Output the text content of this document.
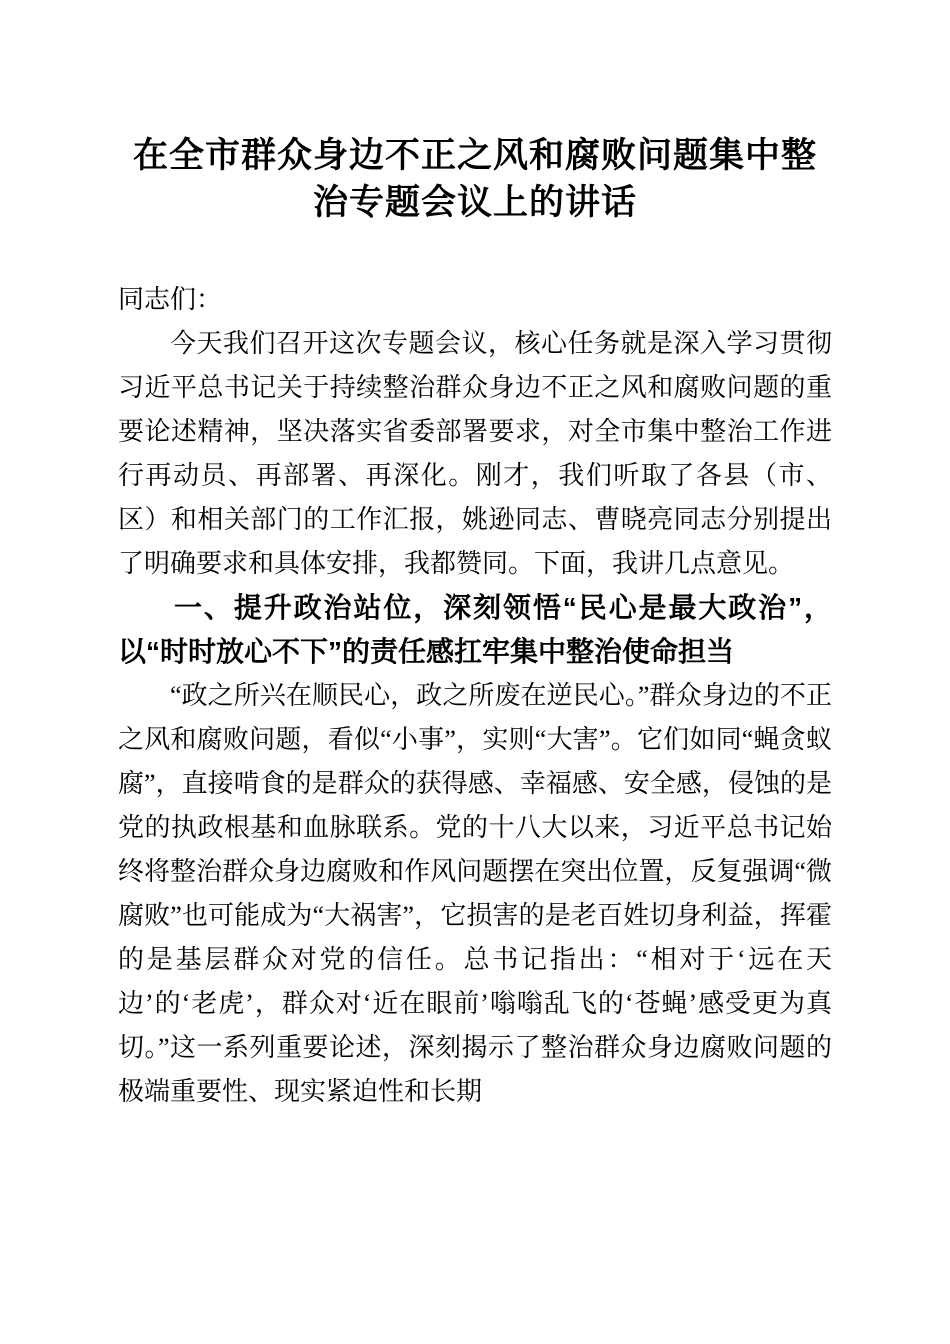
在全市群众身边不正之风和腐败问题集中整治专题会议上的讲话

同志们：

今天我们召开这次专题会议，核心任务就是深入学习贯彻习近平总书记关于持续整治群众身边不正之风和腐败问题的重要论述精神，坚决落实省委部署要求，对全市集中整治工作进行再动员、再部署、再深化。刚才，我们听取了各县（市、区）和相关部门的工作汇报，姚逊同志、曹晓亮同志分别提出了明确要求和具体安排，我都赞同。下面，我讲几点意见。

一、提升政治站位，深刻领悟“民心是最大政治”，以“时时放心不下”的责任感扛牢集中整治使命担当

“政之所兴在顺民心，政之所废在逆民心。”群众身边的不正之风和腐败问题，看似“小事”，实则“大害”。它们如同“蝇贪蚁腐”，直接啃食的是群众的获得感、幸福感、安全感，侵蚀的是党的执政根基和血脉联系。党的十八大以来，习近平总书记始终将整治群众身边腐败和作风问题摆在突出位置，反复强调“微腐败”也可能成为“大祸害”，它损害的是老百姓切身利益，挥霍的是基层群众对党的信任。总书记指出：“相对于‘远在天边’的‘老虎’，群众对‘近在眼前’嗡嗡乱飞的‘苍蝇’感受更为真切。”这一系列重要论述，深刻揭示了整治群众身边腐败问题的极端重要性、现实紧迫性和长期
